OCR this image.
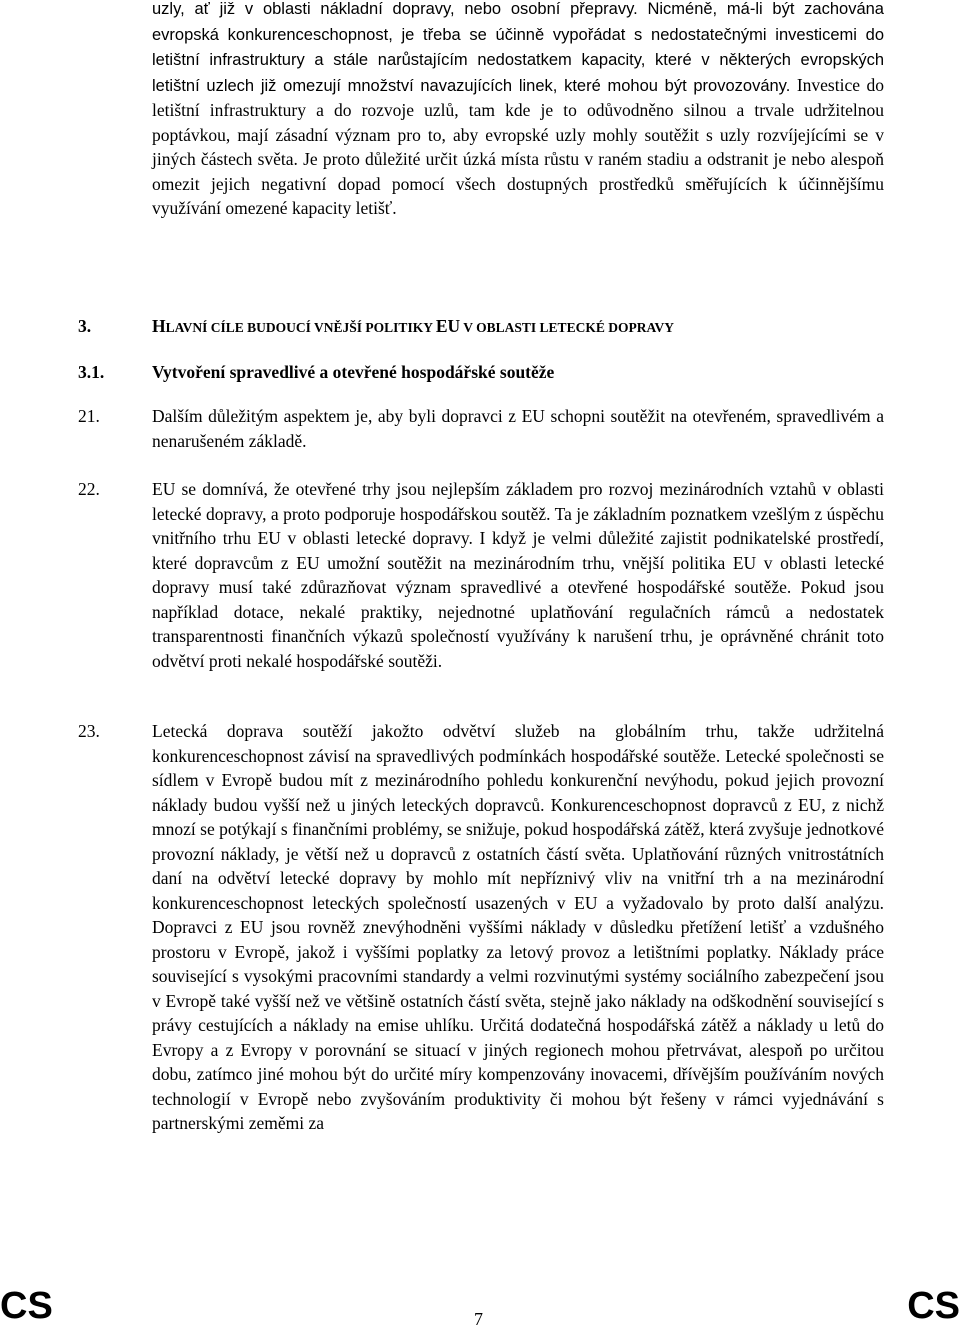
uzly, ať již v oblasti nákladní dopravy, nebo osobní přepravy. Nicméně, má-li být zachována evropská konkurenceschopnost, je třeba se účinně vypořádat s nedostatečnými investicemi do letištní infrastruktury a stále narůstajícím nedostatkem kapacity, které v některých evropských letištní uzlech již omezují množství navazujících linek, které mohou být provozovány. Investice do letištní infrastruktury a do rozvoje uzlů, tam kde je to odůvodněno silnou a trvale udržitelnou poptávkou, mají zásadní význam pro to, aby evropské uzly mohly soutěžit s uzly rozvíjejícími se v jiných částech světa. Je proto důležité určit úzká místa růstu v raném stadiu a odstranit je nebo alespoň omezit jejich negativní dopad pomocí všech dostupných prostředků směřujících k účinnějšímu využívání omezené kapacity letišť.

3.	HLAVNÍ CÍLE BUDOUCÍ VNĚJŠÍ POLITIKY EU V OBLASTI LETECKÉ DOPRAVY
3.1.	Vytvoření spravedlivé a otevřené hospodářské soutěže
21.	Dalším důležitým aspektem je, aby byli dopravci z EU schopni soutěžit na otevřeném, spravedlivém a nenarušeném základě.

22.	EU se domnívá, že otevřené trhy jsou nejlepším základem pro rozvoj mezinárodních vztahů v oblasti letecké dopravy, a proto podporuje hospodářskou soutěž. Ta je základním poznatkem vzešlým z úspěchu vnitřního trhu EU v oblasti letecké dopravy. I když je velmi důležité zajistit podnikatelské prostředí, které dopravcům z EU umožní soutěžit na mezinárodním trhu, vnější politika EU v oblasti letecké dopravy musí také zdůrazňovat význam spravedlivé a otevřené hospodářské soutěže. Pokud jsou například dotace, nekalé praktiky, nejednotné uplatňování regulačních rámců a nedostatek transparentnosti finančních výkazů společností využívány k narušení trhu, je oprávněné chránit toto odvětví proti nekalé hospodářské soutěži.

23.	Letecká doprava soutěží jakožto odvětví služeb na globálním trhu, takže udržitelná konkurenceschopnost závisí na spravedlivých podmínkách hospodářské soutěže. Letecké společnosti se sídlem v Evropě budou mít z mezinárodního pohledu konkurenční nevýhodu, pokud jejich provozní náklady budou vyšší než u jiných leteckých dopravců. Konkurenceschopnost dopravců z EU, z nichž mnozí se potýkají s finančními problémy, se snižuje, pokud hospodářská zátěž, která zvyšuje jednotkové provozní náklady, je větší než u dopravců z ostatních částí světa. Uplatňování různých vnitrostátních daní na odvětví letecké dopravy by mohlo mít nepříznivý vliv na vnitřní trh a na mezinárodní konkurenceschopnost leteckých společností usazených v EU a vyžadovalo by proto další analýzu. Dopravci z EU jsou rovněž znevýhodněni vyššími náklady v důsledku přetížení letišť a vzdušného prostoru v Evropě, jakož i vyššími poplatky za letový provoz a letištními poplatky. Náklady práce související s vysokými pracovními standardy a velmi rozvinutými systémy sociálního zabezpečení jsou v Evropě také vyšší než ve většině ostatních částí světa, stejně jako náklady na odškodnění související s právy cestujících a náklady na emise uhlíku. Určitá dodatečná hospodářská zátěž a náklady u letů do Evropy a z Evropy v porovnání se situací v jiných regionech mohou přetrvávat, alespoň po určitou dobu, zatímco jiné mohou být do určité míry kompenzovány inovacemi, dřívějším používáním nových technologií v Evropě nebo zvyšováním produktivity či mohou být řešeny v rámci vyjednávání s partnerskými zeměmi za

CS	7	CS
